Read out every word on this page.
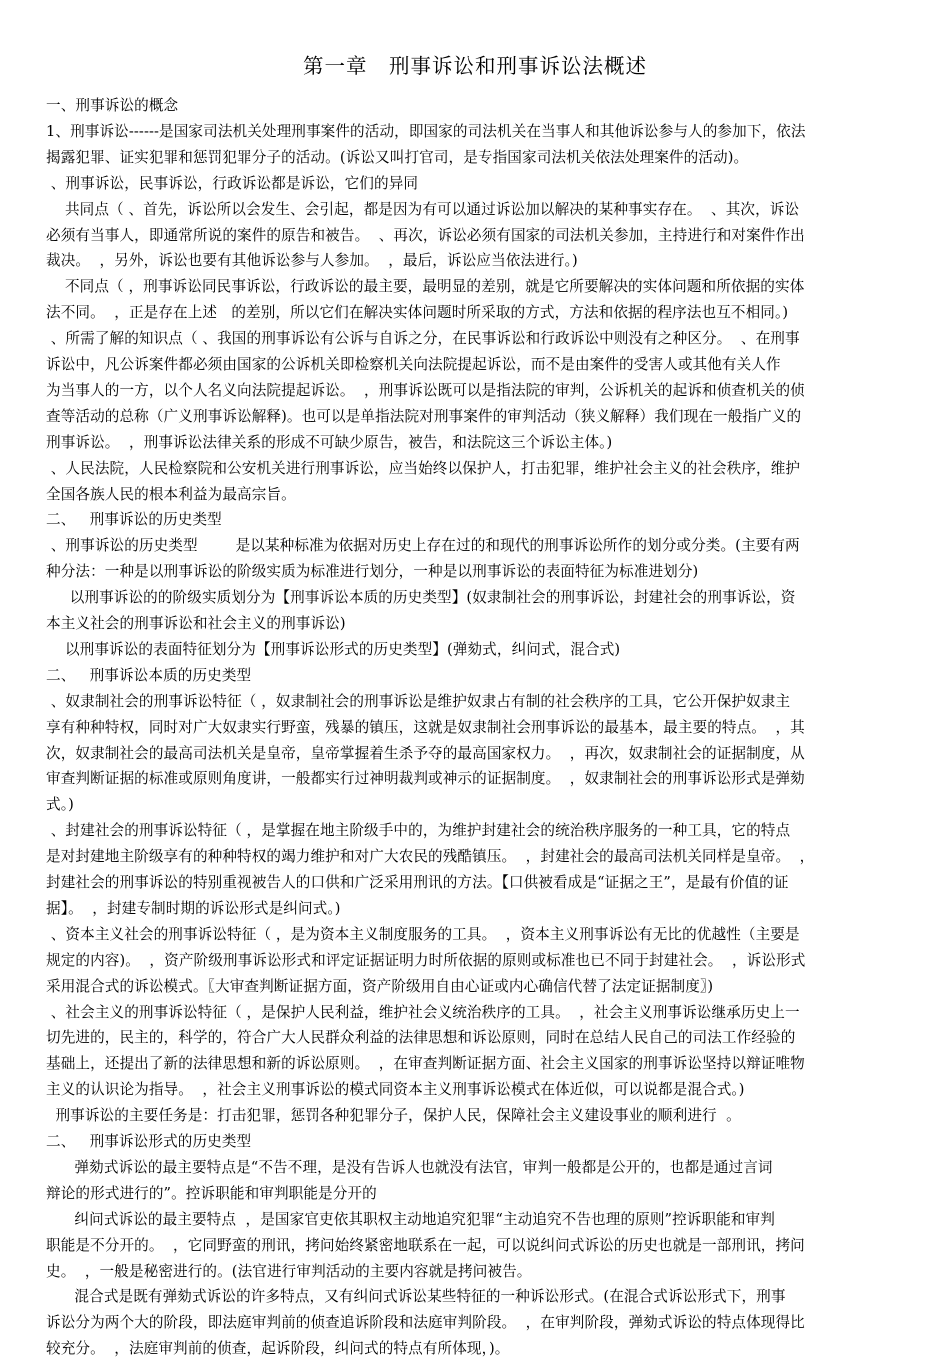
第一章　刑事诉讼和刑事诉讼法概述
一、刑事诉讼的概念
1、刑事诉讼------是国家司法机关处理刑事案件的活动，即国家的司法机关在当事人和其他诉讼参与人的参加下，依法
揭露犯罪、证实犯罪和惩罚犯罪分子的活动。(诉讼又叫打官司，是专指国家司法机关依法处理案件的活动)。
、刑事诉讼，民事诉讼，行政诉讼都是诉讼，它们的异同
共同点（ 、首先，诉讼所以会发生、会引起，都是因为有可以通过诉讼加以解决的某种事实存在。  、其次，诉讼
必须有当事人，即通常所说的案件的原告和被告。  、再次，诉讼必须有国家的司法机关参加，主持进行和对案件作出
裁决。  ，另外，诉讼也要有其他诉讼参与人参加。  ，最后，诉讼应当依法进行。)
不同点（ ，刑事诉讼同民事诉讼，行政诉讼的最主要，最明显的差别，就是它所要解决的实体问题和所依据的实体
法不同。  ，正是存在上述   的差别，所以它们在解决实体问题时所采取的方式，方法和依据的程序法也互不相同。)
、所需了解的知识点（ 、我国的刑事诉讼有公诉与自诉之分，在民事诉讼和行政诉讼中则没有之种区分。  、在刑事
诉讼中，凡公诉案件都必须由国家的公诉机关即检察机关向法院提起诉讼，而不是由案件的受害人或其他有关人作
为当事人的一方，以个人名义向法院提起诉讼。  ，刑事诉讼既可以是指法院的审判，公诉机关的起诉和侦查机关的侦
查等活动的总称（广义刑事诉讼解释)。也可以是单指法院对刑事案件的审判活动（狭义解释）我们现在一般指广义的
刑事诉讼。  ，刑事诉讼法律关系的形成不可缺少原告，被告，和法院这三个诉讼主体。)
、人民法院，人民检察院和公安机关进行刑事诉讼，应当始终以保护人，打击犯罪，维护社会主义的社会秩序，维护
全国各族人民的根本利益为最高宗旨。
二、   刑事诉讼的历史类型
、刑事诉讼的历史类型        是以某种标准为依据对历史上存在过的和现代的刑事诉讼所作的划分或分类。(主要有两
种分法：一种是以刑事诉讼的阶级实质为标准进行划分，一种是以刑事诉讼的表面特征为标准进划分)
以刑事诉讼的的阶级实质划分为【刑事诉讼本质的历史类型】(奴隶制社会的刑事诉讼，封建社会的刑事诉讼，资
本主义社会的刑事诉讼和社会主义的刑事诉讼)
以刑事诉讼的表面特征划分为【刑事诉讼形式的历史类型】(弹劾式，纠问式，混合式)
二、   刑事诉讼本质的历史类型
、奴隶制社会的刑事诉讼特征（ ，奴隶制社会的刑事诉讼是维护奴隶占有制的社会秩序的工具，它公开保护奴隶主
享有种种特权，同时对广大奴隶实行野蛮，残暴的镇压，这就是奴隶制社会刑事诉讼的最基本，最主要的特点。  ，其
次，奴隶制社会的最高司法机关是皇帝，皇帝掌握着生杀予夺的最高国家权力。  ，再次，奴隶制社会的证据制度，从
审查判断证据的标准或原则角度讲，一般都实行过神明裁判或神示的证据制度。  ，奴隶制社会的刑事诉讼形式是弹劾
式。)
、封建社会的刑事诉讼特征（ ，是掌握在地主阶级手中的，为维护封建社会的统治秩序服务的一种工具，它的特点
是对封建地主阶级享有的种种特权的竭力维护和对广大农民的残酷镇压。  ，封建社会的最高司法机关同样是皇帝。  ，
封建社会的刑事诉讼的特别重视被告人的口供和广泛采用刑讯的方法。【口供被看成是“证据之王”，是最有价值的证
据】。  ，封建专制时期的诉讼形式是纠问式。)
、资本主义社会的刑事诉讼特征（ ，是为资本主义制度服务的工具。  ，资本主义刑事诉讼有无比的优越性（主要是
规定的内容)。  ，资产阶级刑事诉讼形式和评定证据证明力时所依据的原则或标准也已不同于封建社会。  ，诉讼形式
采用混合式的诉讼模式。〖大审查判断证据方面，资产阶级用自由心证或内心确信代替了法定证据制度〗)
、社会主义的刑事诉讼特征（ ，是保护人民利益，维护社会义统治秩序的工具。  ，社会主义刑事诉讼继承历史上一
切先进的，民主的，科学的，符合广大人民群众利益的法律思想和诉讼原则，同时在总结人民自己的司法工作经验的
基础上，还提出了新的法律思想和新的诉讼原则。  ，在审查判断证据方面、社会主义国家的刑事诉讼坚持以辩证唯物
主义的认识论为指导。  ，社会主义刑事诉讼的模式同资本主义刑事诉讼模式在体近似，可以说都是混合式。)
刑事诉讼的主要任务是：打击犯罪，惩罚各种犯罪分子，保护人民，保障社会主义建设事业的顺利进行  。
二、   刑事诉讼形式的历史类型
弹劾式诉讼的最主要特点是“不告不理，是没有告诉人也就没有法官，审判一般都是公开的，也都是通过言词
辩论的形式进行的”。控诉职能和审判职能是分开的
纠问式诉讼的最主要特点  ，是国家官吏依其职权主动地追究犯罪“主动追究不告也理的原则”控诉职能和审判
职能是不分开的。  ，它同野蛮的刑讯，拷问始终紧密地联系在一起，可以说纠问式诉讼的历史也就是一部刑讯，拷问
史。  ，一般是秘密进行的。(法官进行审判活动的主要内容就是拷问被告。
混合式是既有弹劾式诉讼的许多特点，又有纠问式诉讼某些特征的一种诉讼形式。(在混合式诉讼形式下，刑事
诉讼分为两个大的阶段，即法庭审判前的侦查追诉阶段和法庭审判阶段。  ，在审判阶段，弹劾式诉讼的特点体现得比
较充分。  ，法庭审判前的侦查，起诉阶段，纠问式的特点有所体现，)。
